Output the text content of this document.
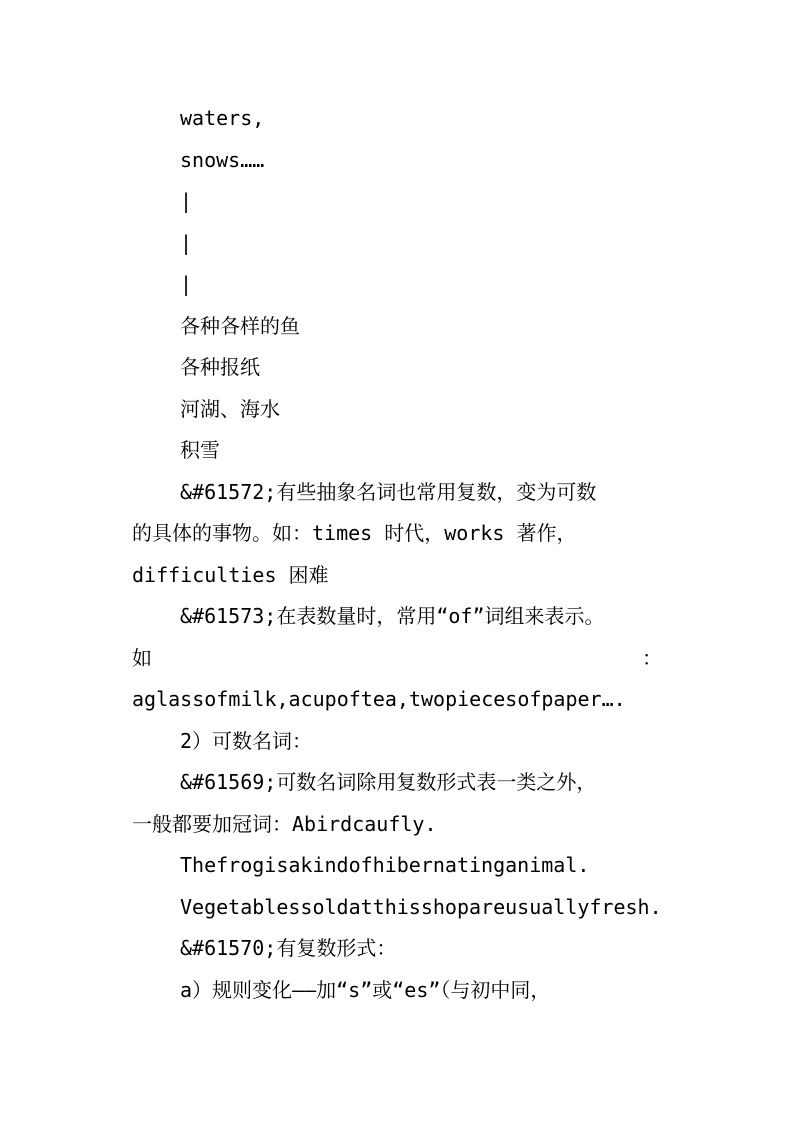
waters,
snows……
|
|
|
各种各样的鱼
各种报纸
河湖、海水
积雪
&#61572;有些抽象名词也常用复数，变为可数
的具体的事物。如：times 时代，works 著作，
difficulties 困难
&#61573;在表数量时，常用“of”词组来表示。
如	：
aglassofmilk,acupoftea,twopiecesofpaper….
2）可数名词：
&#61569;可数名词除用复数形式表一类之外，
一般都要加冠词：Abirdcaufly.
Thefrogisakindofhibernatinganimal.
Vegetablessoldatthisshopareusuallyfresh.
&#61570;有复数形式：
a）规则变化——加“s”或“es”（与初中同，
